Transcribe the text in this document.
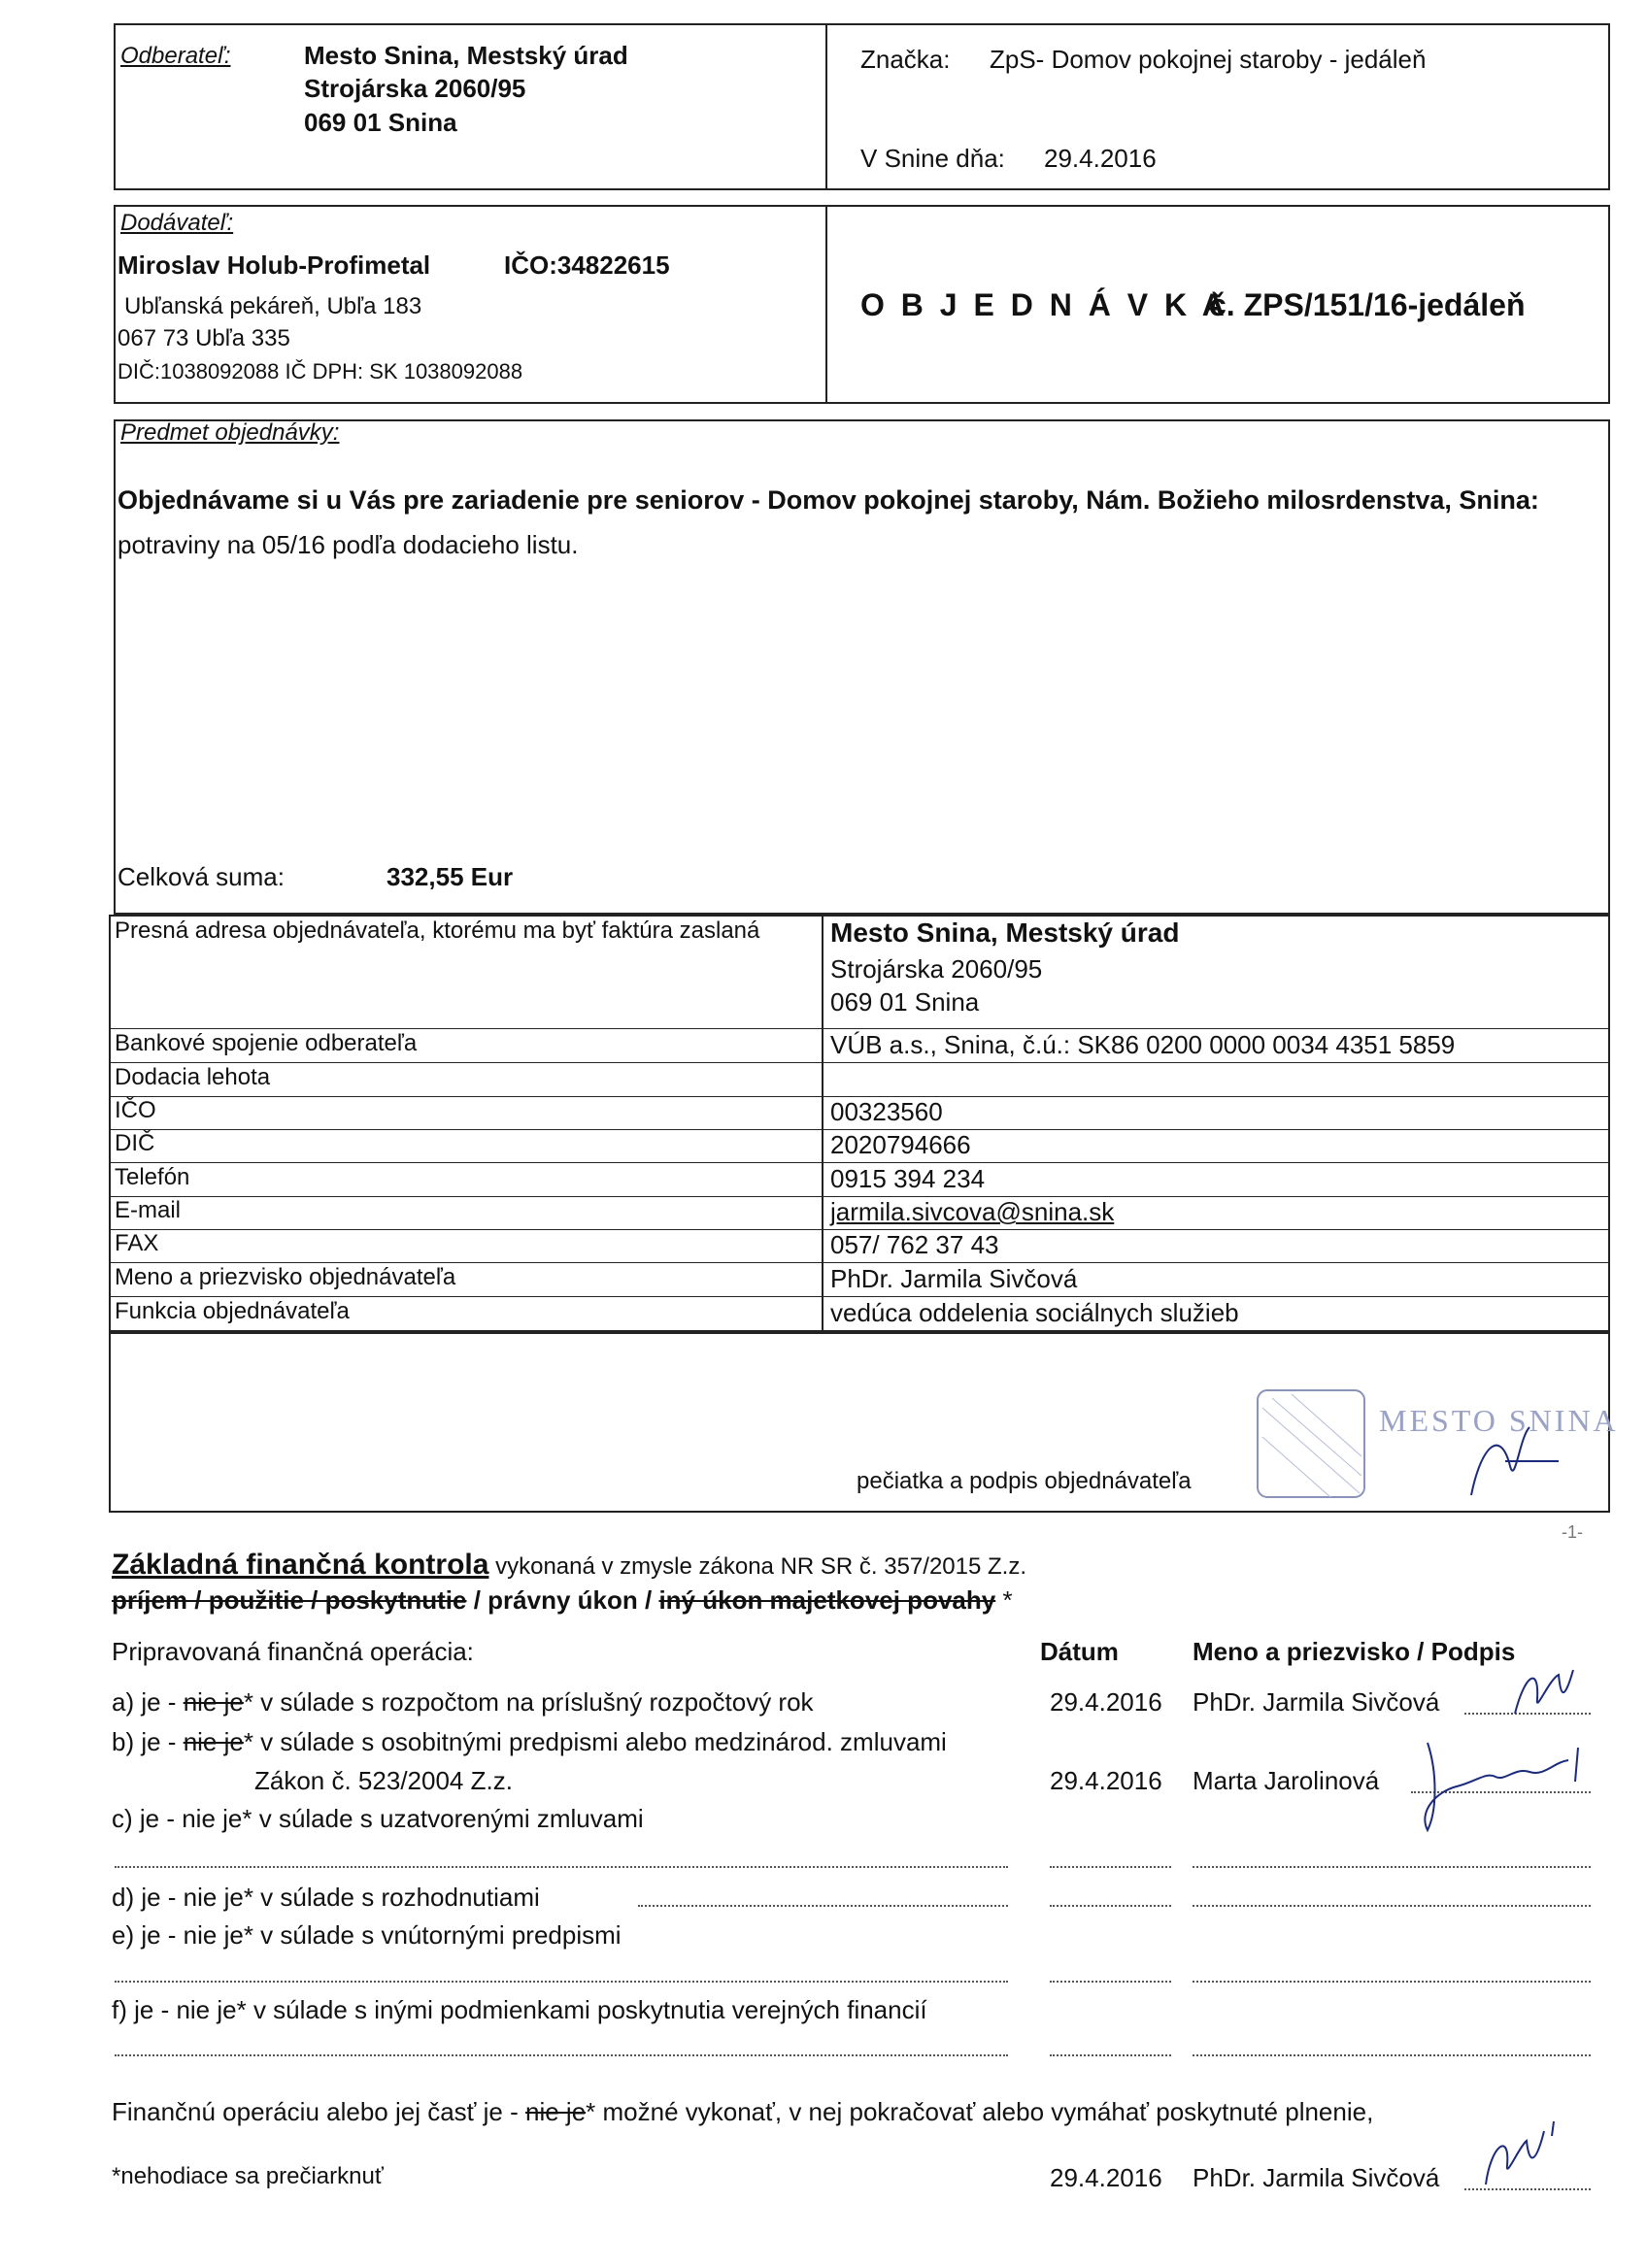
Odberateľ:	Mesto Snina, Mestský úrad
Strojárska 2060/95
069 01 Snina
Značka: ZpS- Domov pokojnej staroby - jedáleň
V Snine dňa: 29.4.2016
Dodávateľ:
Miroslav Holub-Profimetal	IČO:34822615
Ubľanská pekáreň, Ubľa 183
067 73 Ubľa 335
DIČ:1038092088 IČ DPH: SK 1038092088
O B J E D N Á V K A
č. ZPS/151/16-jedáleň
Predmet objednávky:
Objednávame si u Vás pre zariadenie pre seniorov - Domov pokojnej staroby, Nám. Božieho milosrdenstva, Snina:
potraviny na 05/16 podľa dodacieho listu.
Celková suma:	332,55 Eur
Presná adresa objednávateľa, ktorému ma byť faktúra zaslaná	Mesto Snina, Mestský úrad
Strojárska 2060/95
069 01 Snina
Bankové spojenie odberateľa	VÚB a.s., Snina, č.ú.: SK86 0200 0000 0034 4351 5859
Dodacia lehota
IČO	00323560
DIČ	2020794666
Telefón	0915 394 234
E-mail	jarmila.sivcova@snina.sk
FAX	057/ 762 37 43
Meno a priezvisko objednávateľa	PhDr. Jarmila Sivčová
Funkcia objednávateľa	vedúca oddelenia sociálnych služieb
pečiatka a podpis objednávateľa
MESTO SNINA
-1-
Základná finančná kontrola vykonaná v zmysle zákona NR SR č. 357/2015 Z.z.
príjem / použitie / poskytnutie / právny úkon / iný úkon majetkovej povahy *
Pripravovaná finančná operácia:	Dátum	Meno a priezvisko / Podpis
a) je - nie je* v súlade s rozpočtom na príslušný rozpočtový rok	29.4.2016 PhDr. Jarmila Sivčová
b) je - nie je* v súlade s osobitnými predpismi alebo medzinárod. zmluvami
Zákon č. 523/2004 Z.z.	29.4.2016 Marta Jarolinová
c) je - nie je* v súlade s uzatvorenými zmluvami
d) je - nie je* v súlade s rozhodnutiami
e) je - nie je* v súlade s vnútornými predpismi
f) je - nie je* v súlade s inými podmienkami poskytnutia verejných financií
Finančnú operáciu alebo jej časť je - nie je* možné vykonať, v nej pokračovať alebo vymáhať poskytnuté plnenie,
*nehodiace sa prečiarknuť	29.4.2016 PhDr. Jarmila Sivčová
